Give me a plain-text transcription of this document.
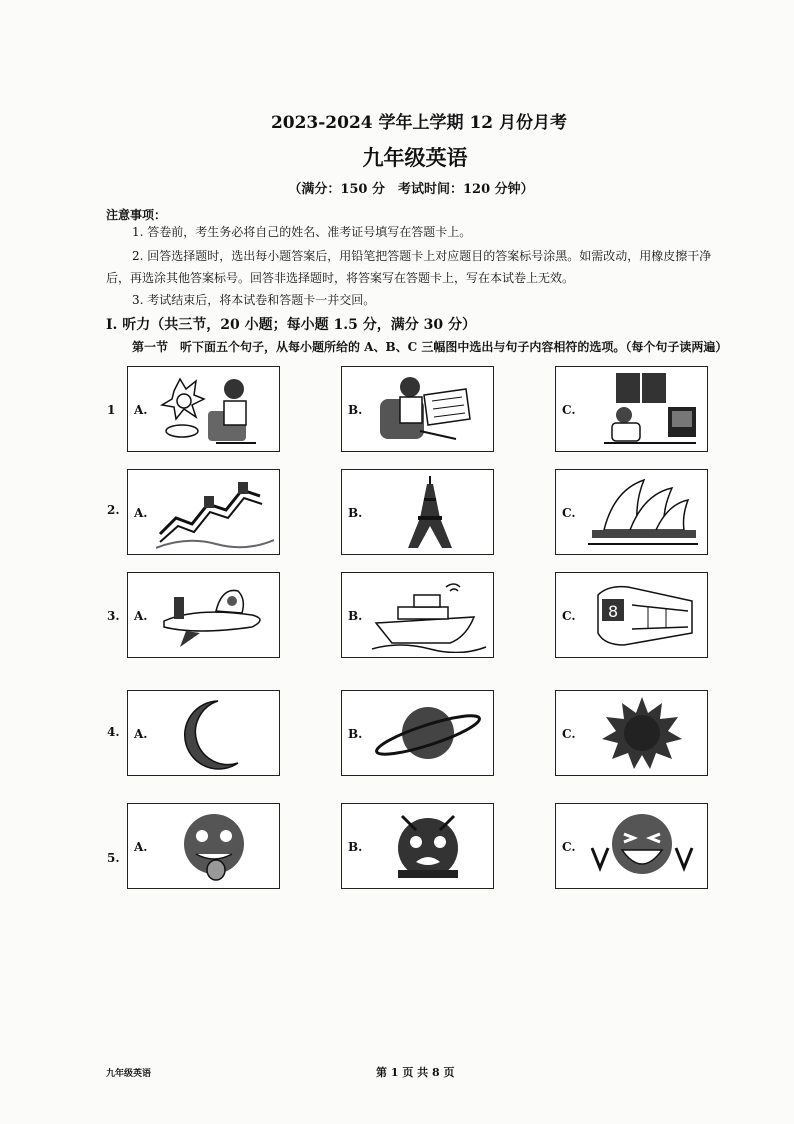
2023-2024 学年上学期 12 月份月考
九年级英语
（满分：150 分　考试时间：120 分钟）
注意事项：
1. 答卷前，考生务必将自己的姓名、准考证号填写在答题卡上。
2. 回答选择题时，选出每小题答案后，用铅笔把答题卡上对应题目的答案标号涂黑。如需改动，用橡皮擦干净
后，再选涂其他答案标号。回答非选择题时，将答案写在答题卡上，写在本试卷上无效。
3. 考试结束后，将本试卷和答题卡一并交回。
I. 听力（共三节，20 小题；每小题 1.5 分，满分 30 分）
第一节　听下面五个句子，从每小题所给的 A、B、C 三幅图中选出与句子内容相符的选项。（每个句子读两遍）
1 A.	B.	C.
2. A.	B.	C.
3. A.	B.	C. 8
4. A.	B.	C.
5.
A.	B.	C.
九年级英语	第 1 页 共 8 页
